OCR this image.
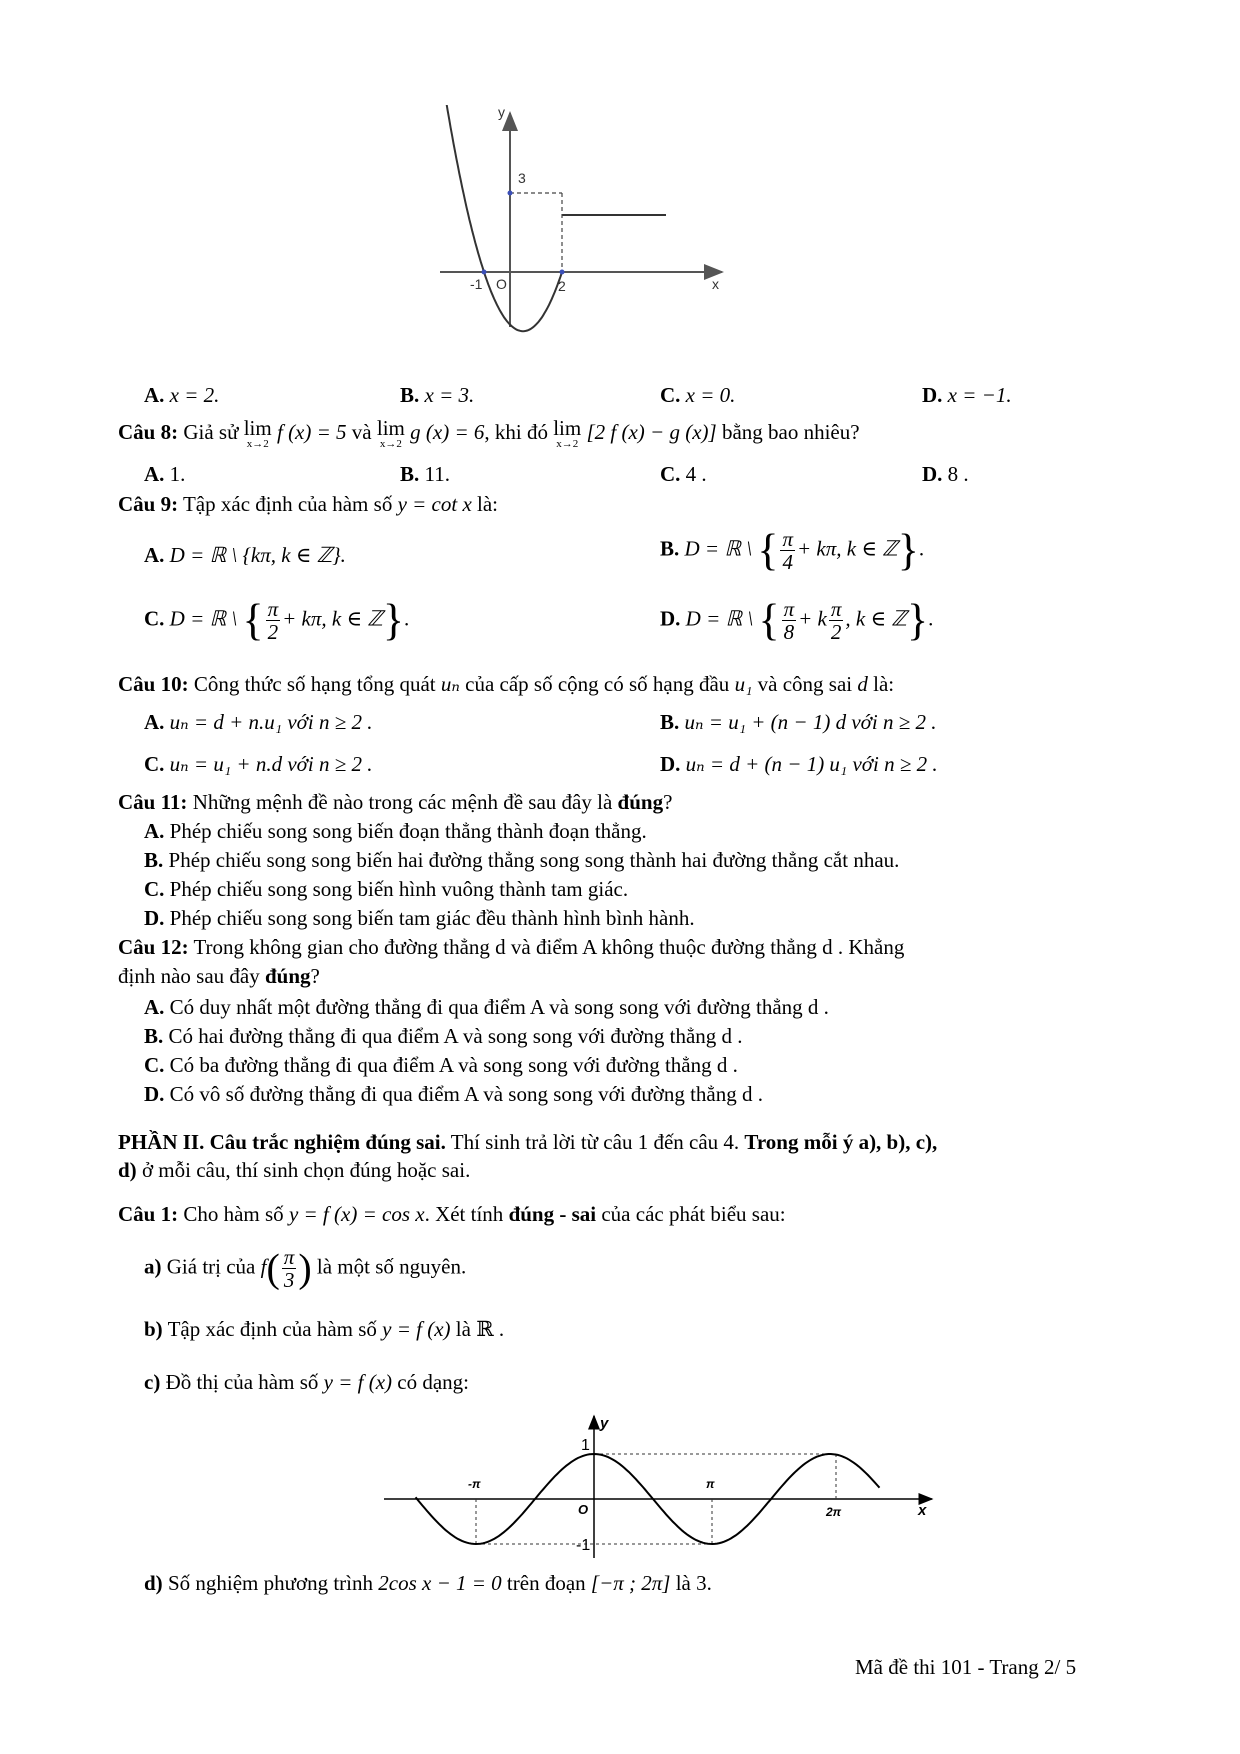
y
x
3
-1 O	2
A. x = 2.	B. x = 3.	C. x = 0.	D. x = −1.
Câu 8: Giả sử lim
x→2
f (x) = 5 và lim
x→2
g (x) = 6, khi đó lim
x→2
[2 f (x) − g (x)] bằng bao nhiêu?
A. 1.	B. 11.	C. 4 .	D. 8 .
Câu 9: Tập xác định của hàm số y = cot x là:
A. D = ℝ \ {kπ, k ∈ ℤ}.	B. D = ℝ \ { $\frac{\pi}{4} + k\pi$, k ∈ ℤ}.
C. D = ℝ \ { $\frac{\pi}{2} + k\pi$, k ∈ ℤ}.	D. D = ℝ \ { $\frac{\pi}{8} + k \frac{\pi}{2}$ , k ∈ ℤ}.
Câu 10: Công thức số hạng tổng quát uₙ của cấp số cộng có số hạng đầu u₁ và công sai d là:
A. uₙ = d + n.u₁ với n ≥ 2 .	B. uₙ = u₁ + (n − 1) d với n ≥ 2 .
C. uₙ = u₁ + n.d với n ≥ 2 .	D. uₙ = d + (n − 1) u₁ với n ≥ 2 .
Câu 11: Những mệnh đề nào trong các mệnh đề sau đây là đúng?
A. Phép chiếu song song biến đoạn thẳng thành đoạn thẳng.
B. Phép chiếu song song biến hai đường thẳng song song thành hai đường thẳng cắt nhau.
C. Phép chiếu song song biến hình vuông thành tam giác.
D. Phép chiếu song song biến tam giác đều thành hình bình hành.
Câu 12: Trong không gian cho đường thẳng d và điểm A không thuộc đường thẳng d . Khẳng
định nào sau đây đúng?
A. Có duy nhất một đường thẳng đi qua điểm A và song song với đường thẳng d .
B. Có hai đường thẳng đi qua điểm A và song song với đường thẳng d .
C. Có ba đường thẳng đi qua điểm A và song song với đường thẳng d .
D. Có vô số đường thẳng đi qua điểm A và song song với đường thẳng d .
PHẦN II. Câu trắc nghiệm đúng sai. Thí sinh trả lời từ câu 1 đến câu 4. Trong mỗi ý a), b), c),
d) ở mỗi câu, thí sinh chọn đúng hoặc sai.
Câu 1: Cho hàm số y = f (x) = cos x. Xét tính đúng - sai của các phát biểu sau:
a) Giá trị của $f( \frac{\pi}{3}$ ) là một số nguyên.
b) Tập xác định của hàm số y = f (x) là ℝ .
c) Đồ thị của hàm số y = f (x) có dạng:
y
x
O
1
-1
-π	π
2π
d) Số nghiệm phương trình 2cos x − 1 = 0 trên đoạn [−π ; 2π] là 3.
Mã đề thi 101 - Trang 2/ 5
